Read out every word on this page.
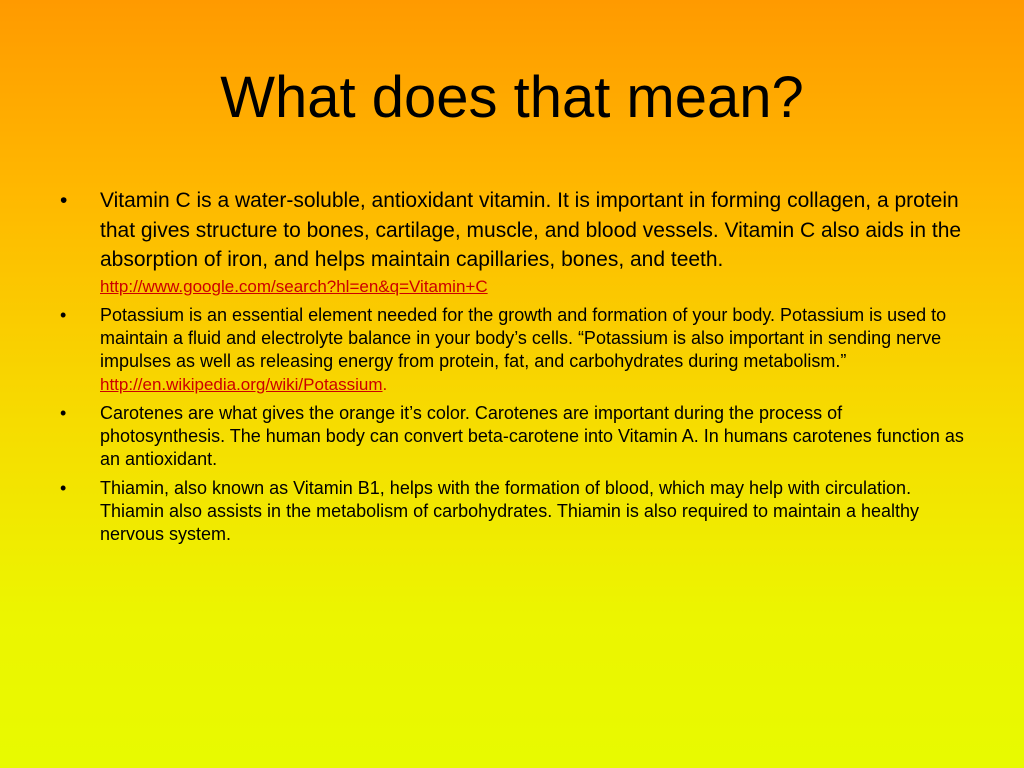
What does that mean?
• Vitamin C is a water-soluble, antioxidant vitamin. It is important in forming collagen, a protein that gives structure to bones, cartilage, muscle, and blood vessels. Vitamin C also aids in the absorption of iron, and helps maintain capillaries, bones, and teeth.
http://www.google.com/search?hl=en&q=Vitamin+C
• Potassium is an essential element needed for the growth and formation of your body. Potassium is used to maintain a fluid and electrolyte balance in your body’s cells. “Potassium is also important in sending nerve impulses as well as releasing energy from protein, fat, and carbohydrates during metabolism.”
http://en.wikipedia.org/wiki/Potassium.
• Carotenes are what gives the orange it’s color. Carotenes are important during the process of photosynthesis. The human body can convert beta-carotene into Vitamin A. In humans carotenes function as an antioxidant.
• Thiamin, also known as Vitamin B1, helps with the formation of blood, which may help with circulation. Thiamin also assists in the metabolism of carbohydrates. Thiamin is also required to maintain a healthy nervous system.
